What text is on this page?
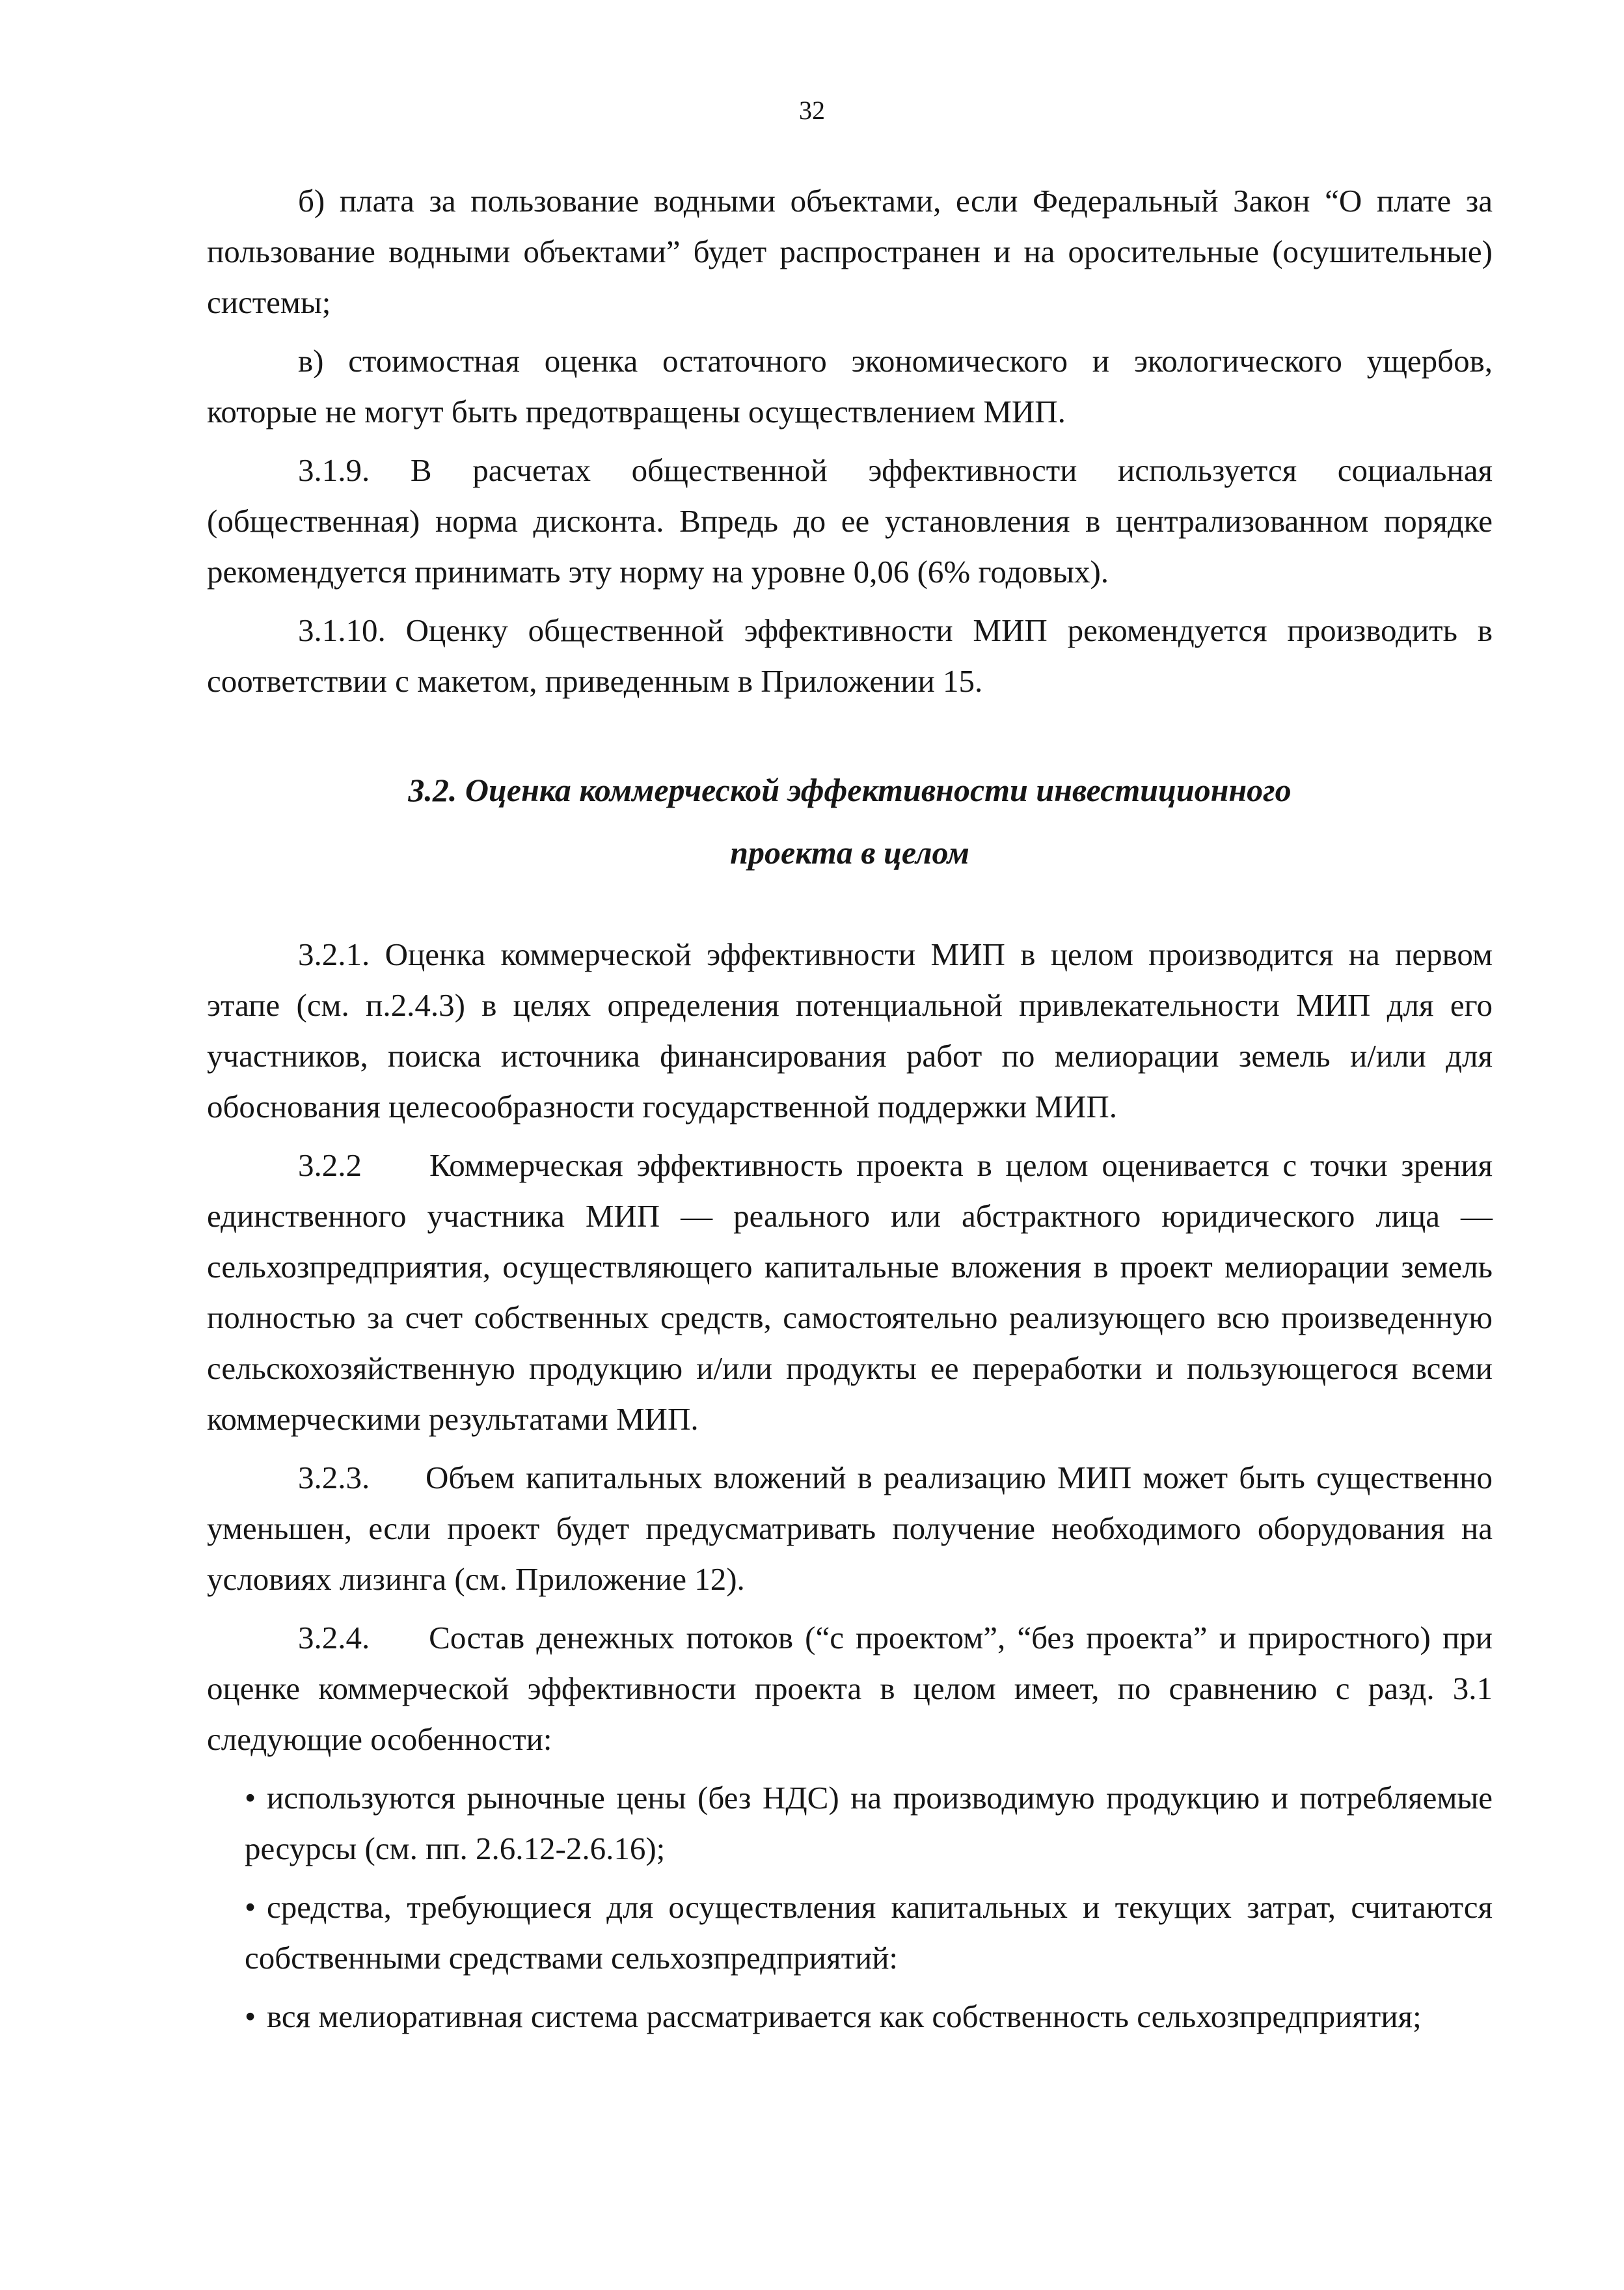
32

б) плата за пользование водными объектами, если Федеральный Закон “О плате за пользование водными объектами” будет распространен и на оросительные (осушительные) системы;

в) стоимостная оценка остаточного экономического и экологического ущербов, которые не могут быть предотвращены осуществлением МИП.

3.1.9. В расчетах общественной эффективности используется социальная (общественная) норма дисконта. Впредь до ее установления в централизованном порядке рекомендуется принимать эту норму на уровне 0,06 (6% годовых).

3.1.10. Оценку общественной эффективности МИП рекомендуется производить в соответствии с макетом, приведенным в Приложении 15.

3.2. Оценка коммерческой эффективности инвестиционного
проекта в целом

3.2.1. Оценка коммерческой эффективности МИП в целом производится на первом этапе (см. п.2.4.3) в целях определения потенциальной привлекательности МИП для его участников, поиска источника финансирования работ по мелиорации земель и/или для обоснования целесообразности государственной поддержки МИП.

3.2.2     Коммерческая эффективность проекта в целом оценивается с точки зрения единственного участника МИП — реального или абстрактного юридического лица — сельхозпредприятия, осуществляющего капитальные вложения в проект мелиорации земель полностью за счет собственных средств, самостоятельно реализующего всю произведенную сельскохозяйственную продукцию и/или продукты ее переработки и пользующегося всеми коммерческими результатами МИП.

3.2.3.     Объем капитальных вложений в реализацию МИП может быть существенно уменьшен, если проект будет предусматривать получение необходимого оборудования на условиях лизинга (см. Приложение 12).

3.2.4.     Состав денежных потоков (“с проектом”, “без проекта” и приростного) при оценке коммерческой эффективности проекта в целом имеет, по сравнению с разд. 3.1 следующие особенности:

• используются рыночные цены (без НДС) на производимую продукцию и потребляемые ресурсы (см. пп. 2.6.12-2.6.16);
• средства, требующиеся для осуществления капитальных и текущих затрат, считаются собственными средствами сельхозпредприятий:
• вся мелиоративная система рассматривается как собственность сельхозпредприятия;
